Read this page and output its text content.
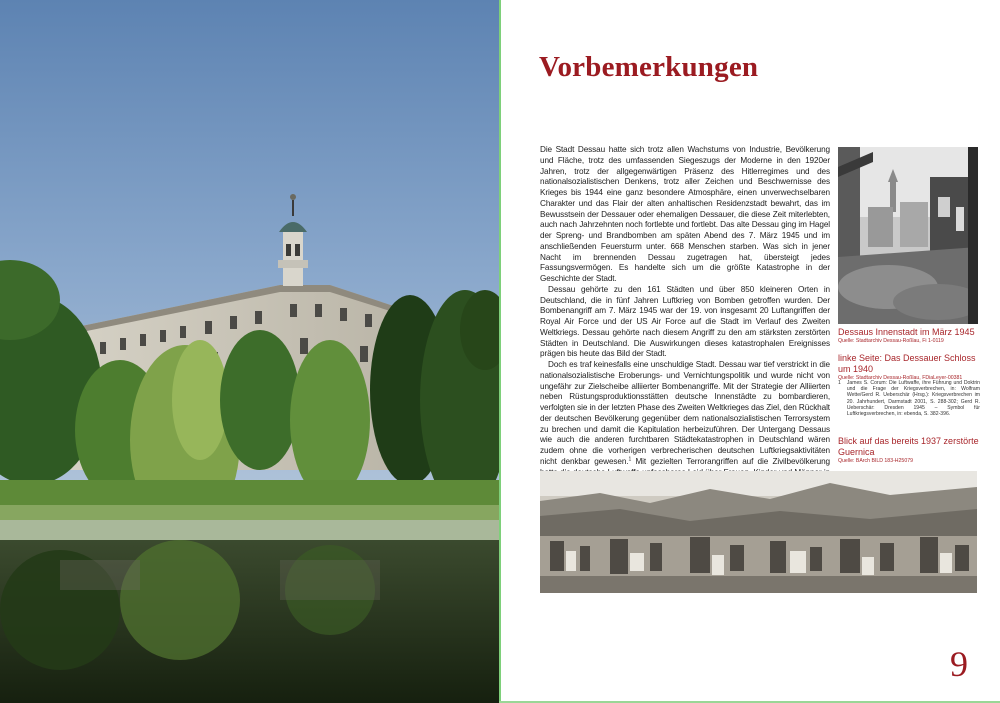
Vorbemerkungen

Die Stadt Dessau hatte sich trotz allen Wachstums von Industrie, Bevölkerung und Fläche, trotz des umfassenden Siegeszugs der Moderne in den 1920er Jahren, trotz der allgegenwärtigen Präsenz des Hitlerregimes und des nationalsozialistischen Denkens, trotz aller Zeichen und Beschwernisse des Krieges bis 1944 eine ganz besondere Atmosphäre, einen unverwechselbaren Charakter und das Flair der alten anhaltischen Residenzstadt bewahrt, das im Bewusstsein der Dessauer oder ehemaligen Dessauer, die diese Zeit miterlebten, auch nach Jahrzehnten noch fortlebte und fortlebt. Das alte Dessau ging im Hagel der Spreng- und Brandbomben am späten Abend des 7. März 1945 und im anschließenden Feuersturm unter. 668 Menschen starben. Was sich in jener Nacht im brennenden Dessau zugetragen hat, übersteigt jedes Fassungsvermögen. Es handelte sich um die größte Katastrophe in der Geschichte der Stadt.

Dessau gehörte zu den 161 Städten und über 850 kleineren Orten in Deutschland, die in fünf Jahren Luftkrieg von Bomben getroffen wurden. Der Bombenangriff am 7. März 1945 war der 19. von insgesamt 20 Luftangriffen der Royal Air Force und der US Air Force auf die Stadt im Verlauf des Zweiten Weltkriegs. Dessau gehörte nach diesem Angriff zu den am stärksten zerstörten Städten in Deutschland. Die Auswirkungen dieses katastrophalen Ereignisses prägen bis heute das Bild der Stadt.

Doch es traf keinesfalls eine unschuldige Stadt. Dessau war tief verstrickt in die nationalsozialistische Eroberungs- und Vernichtungspolitik und wurde nicht von ungefähr zur Zielscheibe alliierter Bombenangriffe. Mit der Strategie der Alliierten neben Rüstungsproduktionsstätten deutsche Innenstädte zu bombardieren, verfolgten sie in der letzten Phase des Zweiten Weltkrieges das Ziel, den Rückhalt der deutschen Bevölkerung gegenüber dem nationalsozialistischen Terrorsystem zu brechen und damit die Kapitulation herbeizuführen. Der Untergang Dessaus wie auch die anderen furchtbaren Städtekatastrophen in Deutschland wären zudem ohne die vorherigen verbrecherischen deutschen Luftkriegsaktivitäten nicht denkbar gewesen.$^1$ Mit gezielten Terrorangriffen auf die Zivilbevölkerung

Dessaus Innenstadt im März 1945
Quelle: Stadtarchiv Dessau-Roßlau, Fi 1-0119
linke Seite: Das Dessauer Schloss um 1940
Quelle: Stadtarchiv Dessau-Roßlau, FDiaLeyer-00381
1 James S. Corum: Die Luftwaffe, ihre Führung und Doktrin und die Frage der Kriegsverbrechen, in: Wolfram Wette/Gerd R. Ueberschär (Hrsg.): Kriegsverbrechen im 20. Jahrhundert, Darmstadt 2001, S. 288-302; Gerd R. Ueberschär: Dresden 1945 – Symbol für Luftkriegsverbrechen, in: ebenda, S. 382-396.
Blick auf das bereits 1937 zerstörte Guernica
Quelle: BArch BILD 183-H25079
9
